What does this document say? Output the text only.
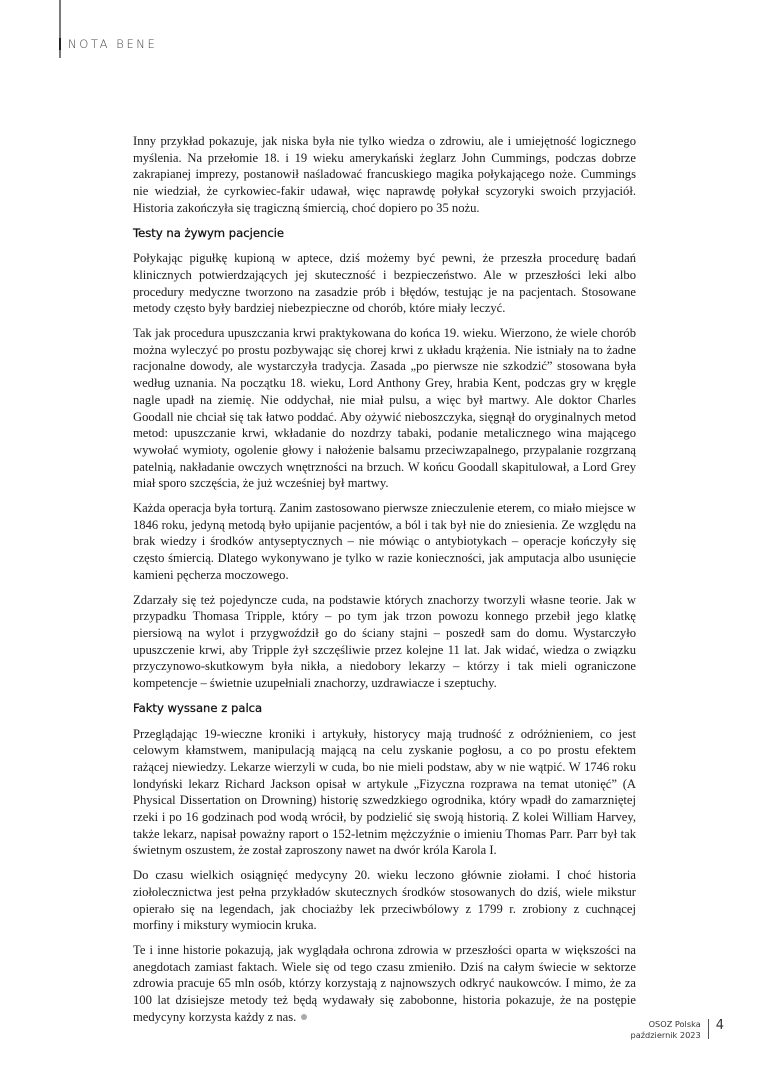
NOTA BENE

Inny przykład pokazuje, jak niska była nie tylko wiedza o zdrowiu, ale i umiejętność logicznego myślenia. Na przełomie 18. i 19 wieku amerykański żeglarz John Cummings, podczas dobrze zakrapianej imprezy, postanowił naśladować francuskiego magika połykającego noże. Cummings nie wiedział, że cyrkowiec-fakir udawał, więc naprawdę połykał scyzoryki swoich przyjaciół. Historia zakończyła się tragiczną śmiercią, choć dopiero po 35 nożu.

Testy na żywym pacjencie

Połykając pigułkę kupioną w aptece, dziś możemy być pewni, że przeszła procedurę badań klinicznych potwierdzających jej skuteczność i bezpieczeństwo. Ale w przeszłości leki albo procedury medyczne tworzono na zasadzie prób i błędów, testując je na pacjentach. Stosowane metody często były bardziej niebezpieczne od chorób, które miały leczyć.

Tak jak procedura upuszczania krwi praktykowana do końca 19. wieku. Wierzono, że wiele chorób można wyleczyć po prostu pozbywając się chorej krwi z układu krążenia. Nie istniały na to żadne racjonalne dowody, ale wystarczyła tradycja. Zasada „po pierwsze nie szkodzić” stosowana była według uznania. Na początku 18. wieku, Lord Anthony Grey, hrabia Kent, podczas gry w kręgle nagle upadł na ziemię. Nie oddychał, nie miał pulsu, a więc był martwy. Ale doktor Charles Goodall nie chciał się tak łatwo poddać. Aby ożywić nieboszczyka, sięgnął do oryginalnych metod metod: upuszczanie krwi, wkładanie do nozdrzy tabaki, podanie metalicznego wina mającego wywołać wymioty, ogolenie głowy i nałożenie balsamu przeciwzapalnego, przypalanie rozgrzaną patelnią, nakładanie owczych wnętrzności na brzuch. W końcu Goodall skapitulował, a Lord Grey miał sporo szczęścia, że już wcześniej był martwy.

Każda operacja była torturą. Zanim zastosowano pierwsze znieczulenie eterem, co miało miejsce w 1846 roku, jedyną metodą było upijanie pacjentów, a ból i tak był nie do zniesienia. Ze względu na brak wiedzy i środków antyseptycznych – nie mówiąc o antybiotykach – operacje kończyły się często śmiercią. Dlatego wykonywano je tylko w razie konieczności, jak amputacja albo usunięcie kamieni pęcherza moczowego.

Zdarzały się też pojedyncze cuda, na podstawie których znachorzy tworzyli własne teorie. Jak w przypadku Thomasa Tripple, który – po tym jak trzon powozu konnego przebił jego klatkę piersiową na wylot i przygwoździł go do ściany stajni – poszedł sam do domu. Wystarczyło upuszczenie krwi, aby Tripple żył szczęśliwie przez kolejne 11 lat. Jak widać, wiedza o związku przyczynowo-skutkowym była nikła, a niedobory lekarzy – którzy i tak mieli ograniczone kompetencje – świetnie uzupełniali znachorzy, uzdrawiacze i szeptuchy.

Fakty wyssane z palca

Przeglądając 19-wieczne kroniki i artykuły, historycy mają trudność z odróżnieniem, co jest celowym kłamstwem, manipulacją mającą na celu zyskanie pogłosu, a co po prostu efektem rażącej niewiedzy. Lekarze wierzyli w cuda, bo nie mieli podstaw, aby w nie wątpić. W 1746 roku londyński lekarz Richard Jackson opisał w artykule „Fizyczna rozprawa na temat utonięć” (A Physical Dissertation on Drowning) historię szwedzkiego ogrodnika, który wpadł do zamarzniętej rzeki i po 16 godzinach pod wodą wrócił, by podzielić się swoją historią. Z kolei William Harvey, także lekarz, napisał poważny raport o 152-letnim mężczyźnie o imieniu Thomas Parr. Parr był tak świetnym oszustem, że został zaproszony nawet na dwór króla Karola I.

Do czasu wielkich osiągnięć medycyny 20. wieku leczono głównie ziołami. I choć historia ziołolecznictwa jest pełna przykładów skutecznych środków stosowanych do dziś, wiele mikstur opierało się na legendach, jak chociażby lek przeciwbólowy z 1799 r. zrobiony z cuchnącej morfiny i mikstury wymiocin kruka.

Te i inne historie pokazują, jak wyglądała ochrona zdrowia w przeszłości oparta w większości na anegdotach zamiast faktach. Wiele się od tego czasu zmieniło. Dziś na całym świecie w sektorze zdrowia pracuje 65 mln osób, którzy korzystają z najnowszych odkryć naukowców. I mimo, że za 100 lat dzisiejsze metody też będą wydawały się zabobonne, historia pokazuje, że na postępie medycyny korzysta każdy z nas.

OSOZ Polska
październik 2023
4
